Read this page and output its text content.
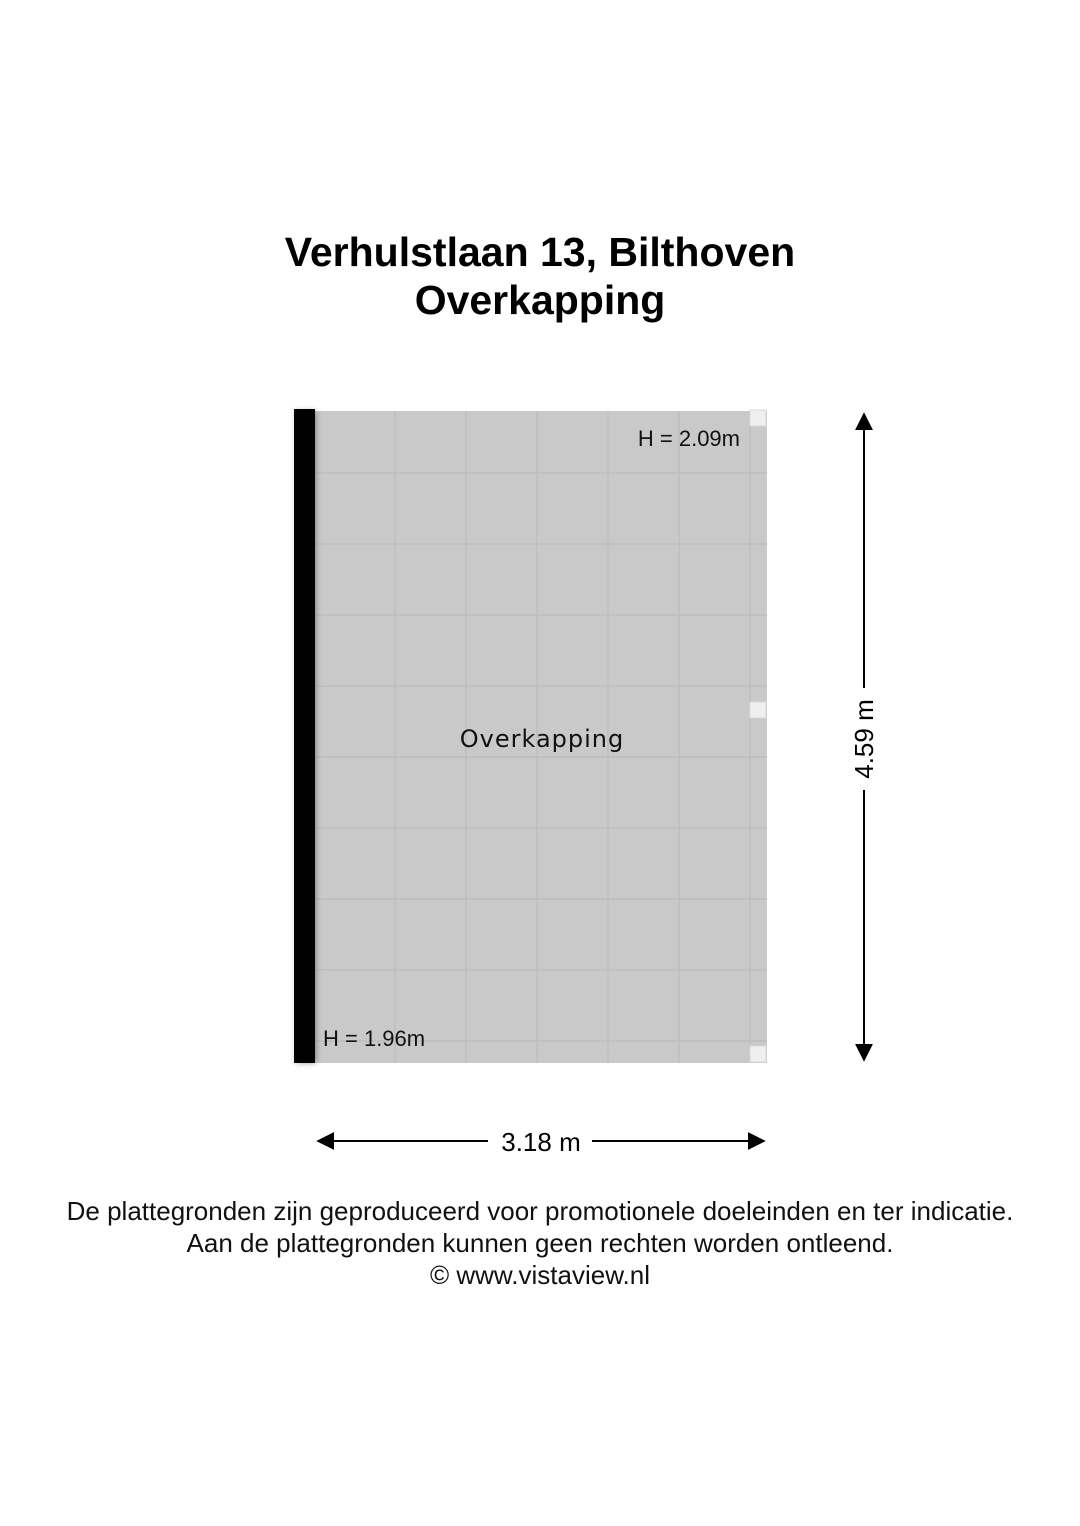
Verhulstlaan 13, Bilthoven
Overkapping
Overkapping
H = 2.09m
H = 1.96m
4.59 m
3.18 m
De plattegronden zijn geproduceerd voor promotionele doeleinden en ter indicatie.
Aan de plattegronden kunnen geen rechten worden ontleend.
© www.vistaview.nl
